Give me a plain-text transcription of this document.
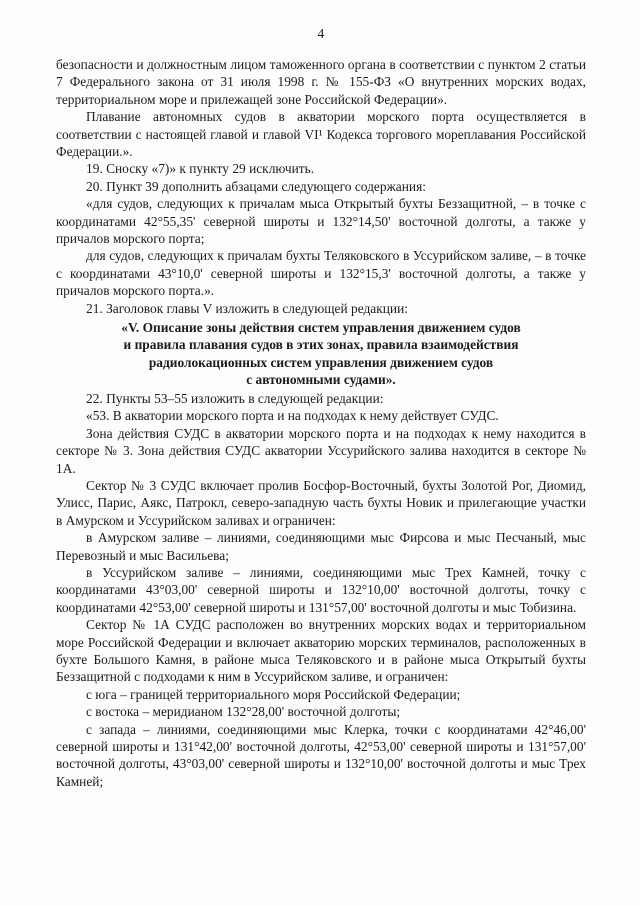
4

безопасности и должностным лицом таможенного органа в соответствии с пунктом 2 статьи 7 Федерального закона от 31 июля 1998 г. № 155-ФЗ «О внутренних морских водах, территориальном море и прилежащей зоне Российской Федерации».

Плавание автономных судов в акватории морского порта осуществляется в соответствии с настоящей главой и главой VI¹ Кодекса торгового мореплавания Российской Федерации.».

19. Сноску «7)» к пункту 29 исключить.

20. Пункт 39 дополнить абзацами следующего содержания:

«для судов, следующих к причалам мыса Открытый бухты Беззащитной, – в точке с координатами 42°55,35' северной широты и 132°14,50' восточной долготы, а также у причалов морского порта;

для судов, следующих к причалам бухты Теляковского в Уссурийском заливе, – в точке с координатами 43°10,0' северной широты и 132°15,3' восточной долготы, а также у причалов морского порта.».

21. Заголовок главы V изложить в следующей редакции:

«V. Описание зоны действия систем управления движением судов

и правила плавания судов в этих зонах, правила взаимодействия

радиолокационных систем управления движением судов

с автономными судами».

22. Пункты 53–55 изложить в следующей редакции:

«53. В акватории морского порта и на подходах к нему действует СУДС.

Зона действия СУДС в акватории морского порта и на подходах к нему находится в секторе № 3. Зона действия СУДС акватории Уссурийского залива находится в секторе № 1А.

Сектор № 3 СУДС включает пролив Босфор-Восточный, бухты Золотой Рог, Диомид, Улисс, Парис, Аякс, Патрокл, северо-западную часть бухты Новик и прилегающие участки в Амурском и Уссурийском заливах и ограничен:

в Амурском заливе – линиями, соединяющими мыс Фирсова и мыс Песчаный, мыс Перевозный и мыс Васильева;

в Уссурийском заливе – линиями, соединяющими мыс Трех Камней, точку с координатами 43°03,00' северной широты и 132°10,00' восточной долготы, точку с координатами 42°53,00' северной широты и 131°57,00' восточной долготы и мыс Тобизина.

Сектор № 1А СУДС расположен во внутренних морских водах и территориальном море Российской Федерации и включает акваторию морских терминалов, расположенных в бухте Большого Камня, в районе мыса Теляковского и в районе мыса Открытый бухты Беззащитной с подходами к ним в Уссурийском заливе, и ограничен:

с юга – границей территориального моря Российской Федерации;

с востока – меридианом 132°28,00' восточной долготы;

с запада – линиями, соединяющими мыс Клерка, точки с координатами 42°46,00' северной широты и 131°42,00' восточной долготы, 42°53,00' северной широты и 131°57,00' восточной долготы, 43°03,00' северной широты и 132°10,00' восточной долготы и мыс Трех Камней;
